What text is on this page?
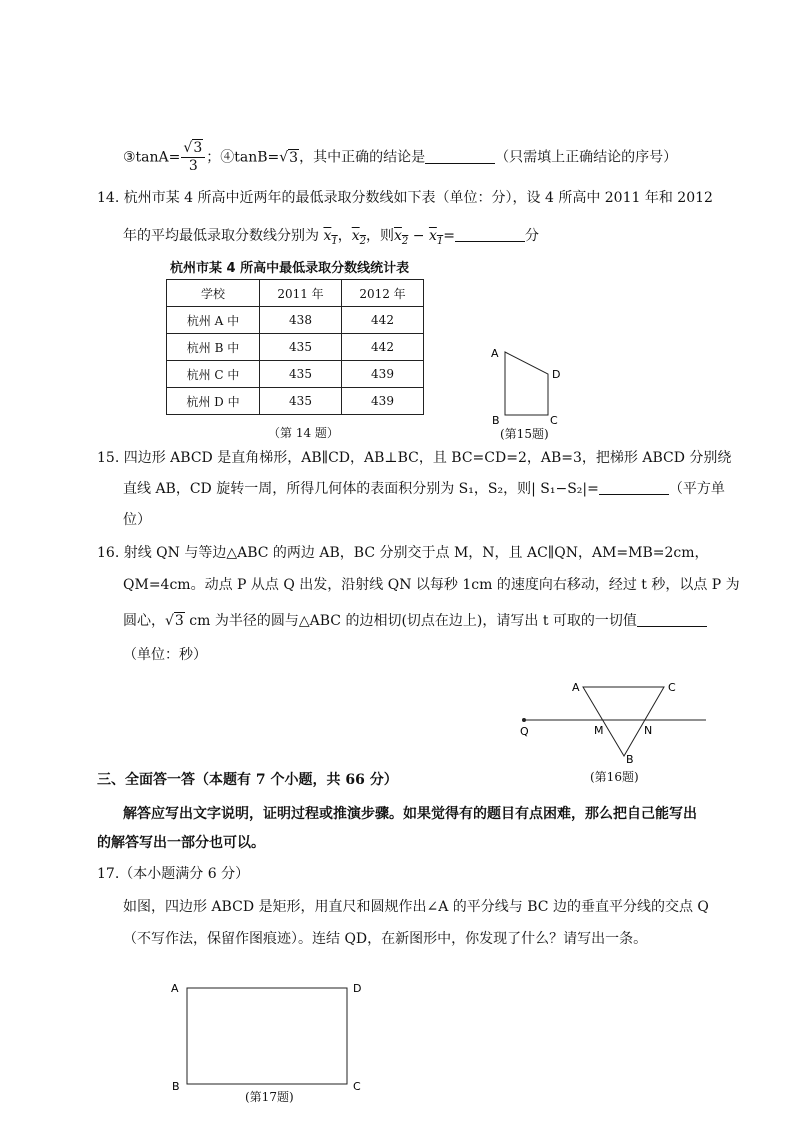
③tanA= $\frac{√3}{3}$ ；④tanB=√3，其中正确的结论是	（只需填上正确结论的序号）
14. 杭州市某 4 所高中近两年的最低录取分数线如下表（单位：分），设 4 所高中 2011 年和 2012
年的平均最低录取分数线分别为 $x_1$，$x_2$，则$x_2 - x_1=$	分
杭州市某 4 所高中最低录取分数线统计表
学校	2011 年	2012 年
杭州 A 中	438	442
杭州 B 中	435	442
杭州 C 中	435	439
杭州 D 中	435	439
（第 14 题）
A
B	C
D
(第15题)
15. 四边形 ABCD 是直角梯形，AB∥CD，AB⊥BC，且 BC=CD=2，AB=3，把梯形 ABCD 分别绕
直线 AB，CD 旋转一周，所得几何体的表面积分别为 S₁，S₂，则| S₁−S₂|=	（平方单
位）
16. 射线 QN 与等边△ABC 的两边 AB，BC 分别交于点 M，N，且 AC∥QN，AM=MB=2cm，
QM=4cm。动点 P 从点 Q 出发，沿射线 QN 以每秒 1cm 的速度向右移动，经过 t 秒，以点 P 为
圆心，√3 cm 为半径的圆与△ABC 的边相切(切点在边上)，请写出 t 可取的一切值
（单位：秒）
A	C
Q	M	N
B
(第16题)
三、全面答一答（本题有 7 个小题，共 66 分）
解答应写出文字说明，证明过程或推演步骤。如果觉得有的题目有点困难，那么把自己能写出
的解答写出一部分也可以。
17.（本小题满分 6 分）
如图，四边形 ABCD 是矩形，用直尺和圆规作出∠A 的平分线与 BC 边的垂直平分线的交点 Q
（不写作法，保留作图痕迹）。连结 QD，在新图形中，你发现了什么？请写出一条。
A	D
B	C
(第17题)
